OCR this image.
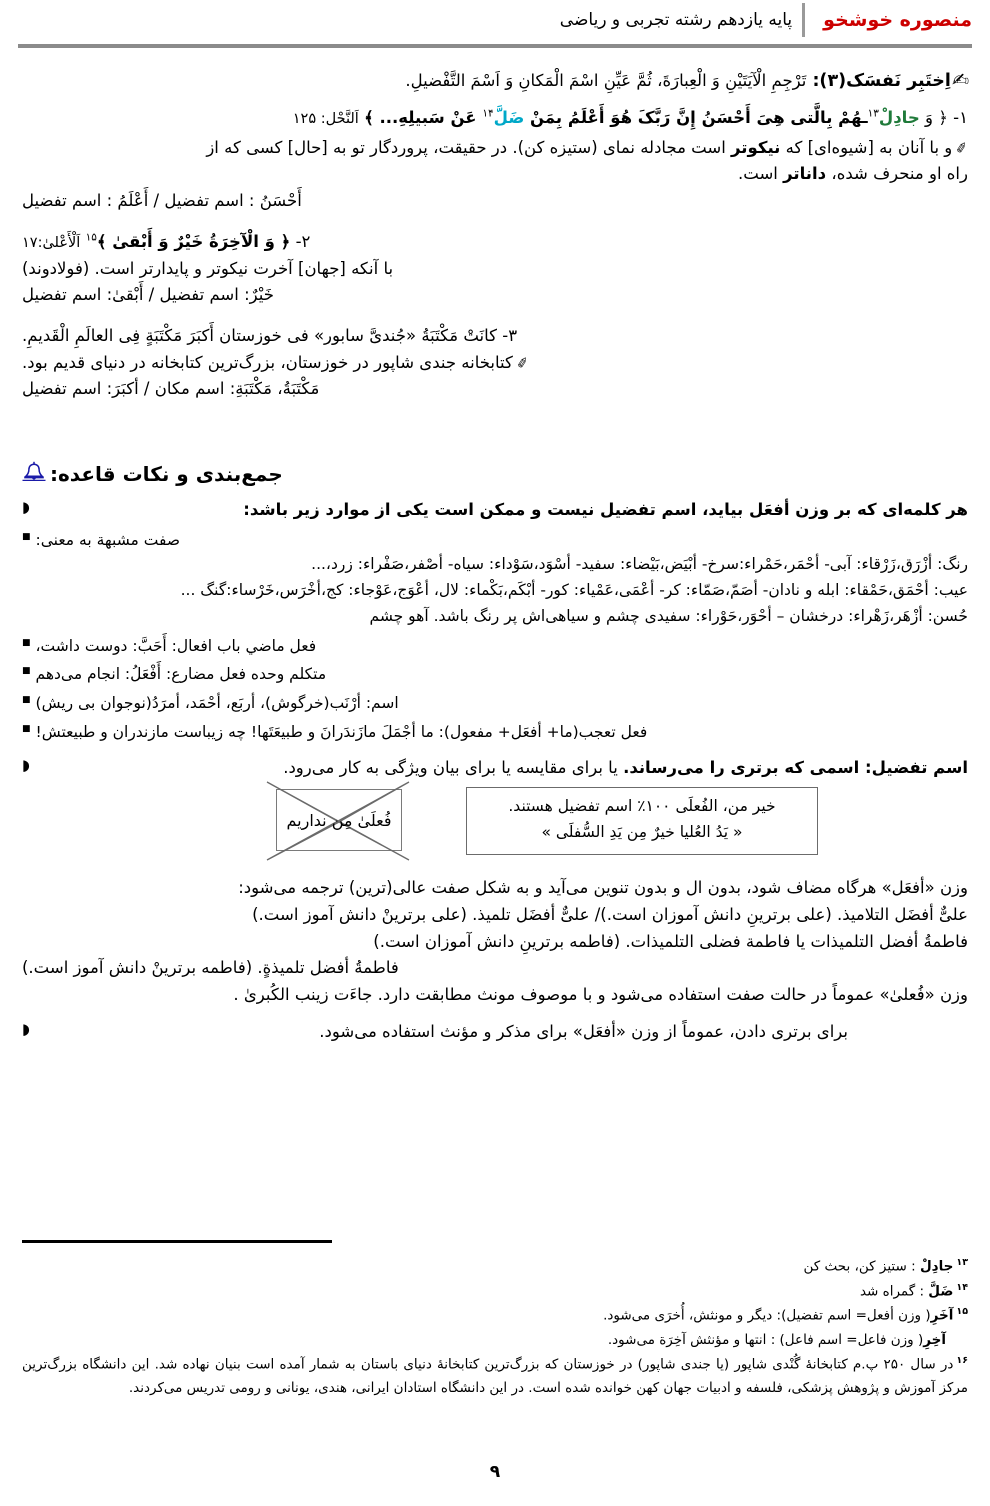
منصوره خوشخو
پایه یازدهم رشته تجربی و ریاضی
✍اِختَبِر نَفسَک(۳): تَرْجِمِ الْآیَتَیْنِ وَ الْعِبارَةَ، ثُمَّ عَیِّنِ اسْمَ الْمَکانِ وَ اَسْمَ التَّفْضیلِ.
۱- ﴿ وَ جادِلْ$^{۱۳}$ـهُمْ بِالَّتی هِیَ أَحْسَنُ إِنَّ رَبَّکَ هُوَ أَعْلَمُ بِمَنْ ضَلَّ$^{۱۴}$ عَنْ سَبیلِهِ... ﴾ اَلنَّحْل: ۱۲۵
✐و با آنان به [شیوه‌ای] که نیکوتر است مجادله نمای (ستیزه کن). در حقیقت، پروردگار تو به [حال] کسی که از
راه او منحرف شده، داناتر است.
أَحْسَنُ : اسم تفضیل / أَعْلَمُ : اسم تفضیل
۲- ﴿ وَ الْآخِرَةُ خَیْرٌ وَ أَبْقیٰ ﴾$^{۱۵}$ اَلْأَعْلیٰ:۱۷
با آنکه [جهان] آخرت نیکوتر و پایدارتر است. (فولادوند)
خَیْرٌ: اسم تفضیل / أَبْقیٰ: اسم تفضیل
۳- کانَتْ مَکْتَبَةُ «جُندیَّ سابور» فی خوزستان أَکبَرَ مَکْتَبَةٍ فِی العالَمِ الْقَدیمِ.
✐کتابخانه جندی شاپور در خوزستان، بزرگ‌ترین کتابخانه در دنیای قدیم بود.
مَکْتَبَةُ، مَکْتَبَةِ: اسم مکان / أکبَرَ: اسم تفضیل
جمع‌بندی و نکات قاعده:
◗	هر کلمه‌ای که بر وزن أفعَل بیاید، اسم تفضیل نیست و ممکن است یکی از موارد زیر باشد:
■ صفت مشبهة به معنی:
رنگ: أزْرَق،زَرْقاء: آبی- أحْمَر،حَمْراء:سرخ- أبْیَض،بَیْضاء: سفید- أسْوَد،سَوْداء: سیاه- أصْفر،صَفْراء: زرد،...
عیب: أحْمَق،حَمْقاء: ابله و نادان- أصَمّ،صَمّاء: کر- أعْمَی،عَمْیاء: کور- أبْکَم،بَکْماء: لال، أعْوَج،عَوْجاء: کج،أخْرَس،خَرْساء:گنگ ...
حُسن: أزْهَر،زَهْراء: درخشان – أحْوَر،حَوْراء: سفیدی چشم و سیاهی‌اش پر رنگ باشد. آهو چشم
■ فعل ماضي باب افعال: أَحَبَّ: دوست داشت،
■ متکلم وحده فعل مضارع: أَفْعَلُ: انجام می‌دهم
■ اسم: أرْنَب(خرگوش)، أربَع، أحْمَد، أمرَدُ(نوجوان بی ریش)
■ فعل تعجب(ما+ أفعَل+ مفعول): ما أجْمَلَ مازَندَرانَ و طبیعَتَها! چه زیباست مازندران و طبیعتش!
◗	اسم تفضیل: اسمی که برتری را می‌رساند. یا برای مقایسه یا برای بیان ویژگی به کار می‌رود.
خیر من، الفُعلَی ۱۰۰٪ اسم تفضیل هستند.
« یَدُ العُلیا خیرٌ مِن یَدِ السُّفلَی »
فُعلَیٰ مِن نداریم
وزن «أفعَل» هرگاه مضاف شود، بدون ال و بدون تنوین می‌آید و به شکل صفت عالی(ترین) ترجمه می‌شود:
علیٌّ أفضَل التلامیذ. (علی برترینِ دانش آموزان است.)/ علیٌّ أفضَل تلمیذ. (علی برترینْ دانش آموز است.)
فاطمةُ أفضل التلمیذات یا فاطمة فضلی التلمیذات. (فاطمه برترینِ دانش آموزان است.)
فاطمةُ أفضل تلمیذةٍ. (فاطمه برترینْ دانش آموز است.)
وزن «فُعلیٰ» عموماً در حالت صفت استفاده می‌شود و با موصوف مونث مطابقت دارد. جاءَت زینب الکُبریٰ .
◗	برای برتری دادن، عموماً از وزن «أفعَل» برای مذکر و مؤنث استفاده می‌شود.
$^{۱۳}$جادِلْ : ستیز کن، بحث کن
$^{۱۴}$ضَلَّ : گمراه شد
$^{۱۵}$آخَرِ( وزن أفعل= اسم تفضیل): دیگر و مونثش، أُخرَی می‌شود.
آخِرِ( وزن فاعل= اسم فاعل) : انتها و مؤنثش آخِرَة می‌شود.
$^{۱۶}$در سال ۲۵۰ پ.م کتابخانۀ گُنْدی شاپور (یا جندی شاپور) در خوزستان که بزرگ‌ترین کتابخانۀ دنیای باستان به شمار آمده است بنیان نهاده شد. این دانشگاه بزرگ‌ترین مرکز آموزش و پژوهش پزشکی، فلسفه و ادبیات جهان کهن خوانده شده است. در این دانشگاه استادان ایرانی، هندی، یونانی و رومی تدریس می‌کردند.
۹
